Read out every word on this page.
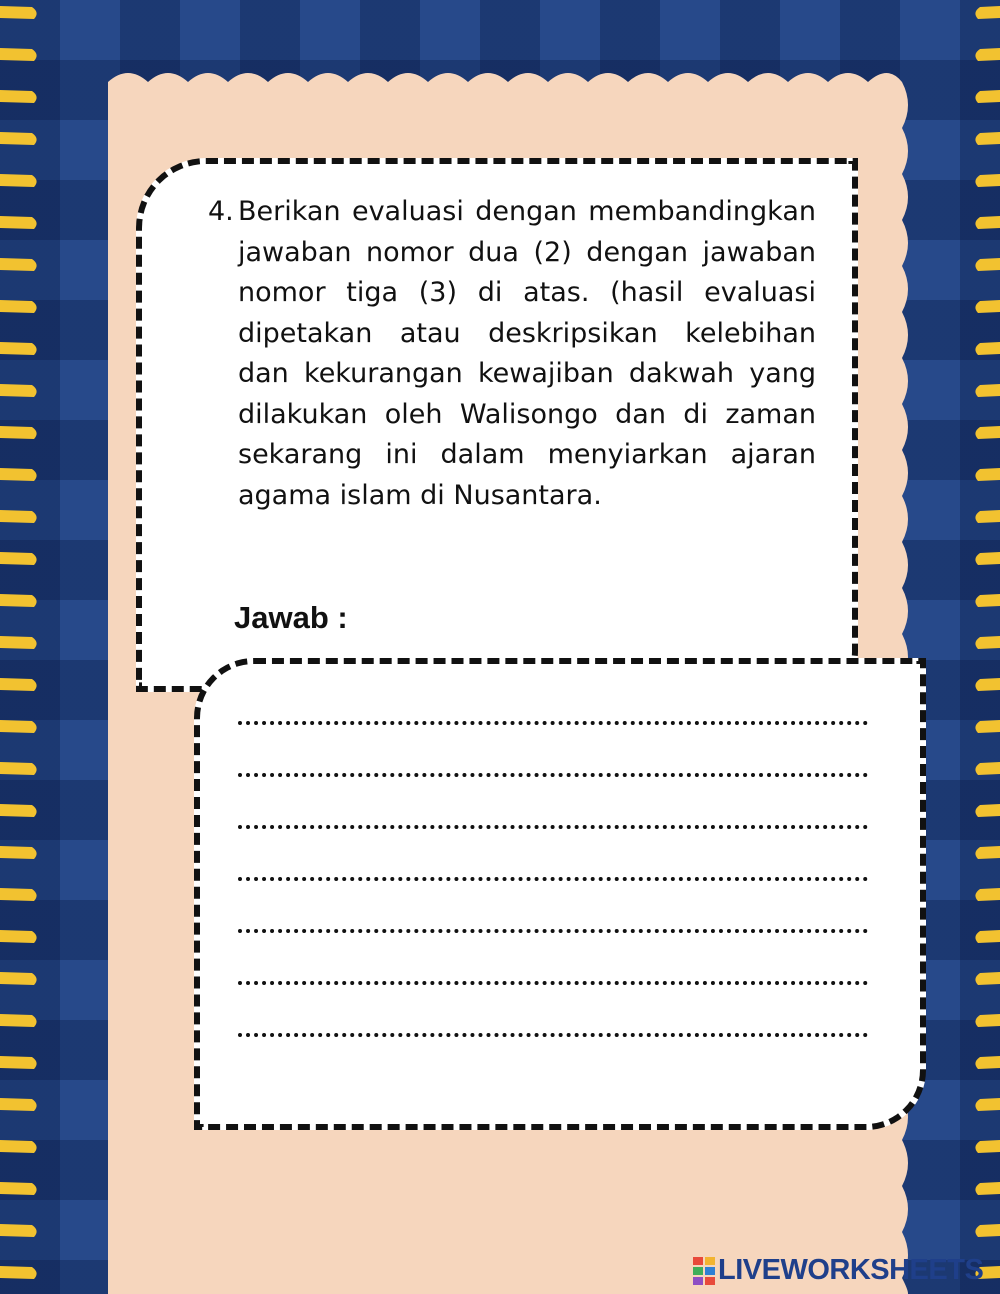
4. Berikan evaluasi dengan membandingkan jawaban nomor dua (2) dengan jawaban nomor tiga (3) di atas. (hasil evaluasi dipetakan atau deskripsikan kelebihan dan kekurangan kewajiban dakwah yang dilakukan oleh Walisongo dan di zaman sekarang ini dalam menyiarkan ajaran agama islam di Nusantara.

Jawab :
LIVEWORKSHEETS
